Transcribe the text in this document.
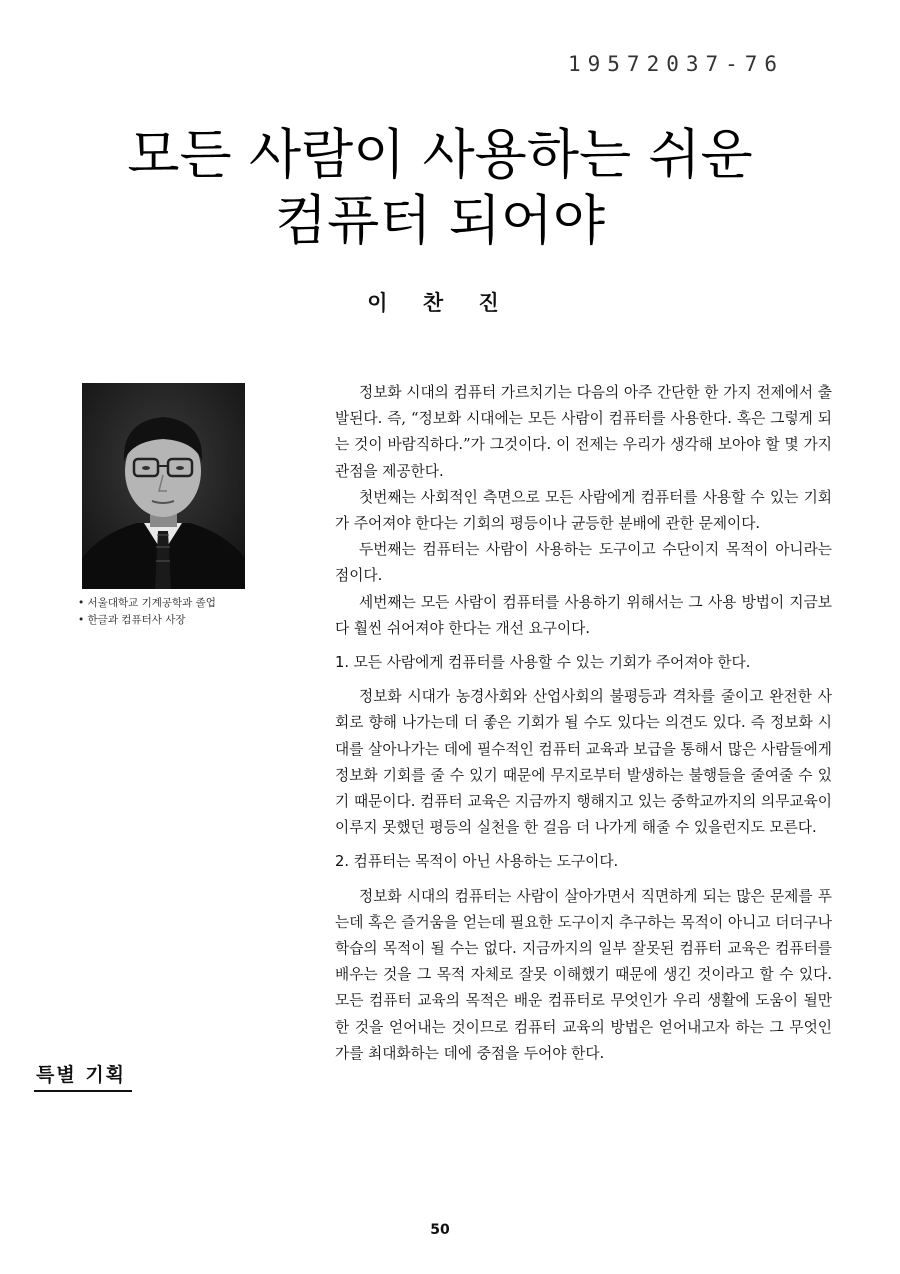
19572037-76
모든 사람이 사용하는 쉬운
컴퓨터 되어야
이 찬 진
• 서울대학교 기계공학과 졸업
• 한글과 컴퓨터사 사장
특별 기획

정보화 시대의 컴퓨터 가르치기는 다음의 아주 간단한 한 가지 전제에서 출발된다. 즉, “정보화 시대에는 모든 사람이 컴퓨터를 사용한다. 혹은 그렇게 되는 것이 바람직하다.”가 그것이다. 이 전제는 우리가 생각해 보아야 할 몇 가지 관점을 제공한다.

첫번째는 사회적인 측면으로 모든 사람에게 컴퓨터를 사용할 수 있는 기회가 주어져야 한다는 기회의 평등이나 균등한 분배에 관한 문제이다.

두번째는 컴퓨터는 사람이 사용하는 도구이고 수단이지 목적이 아니라는 점이다.

세번째는 모든 사람이 컴퓨터를 사용하기 위해서는 그 사용 방법이 지금보다 훨씬 쉬어져야 한다는 개선 요구이다.

1. 모든 사람에게 컴퓨터를 사용할 수 있는 기회가 주어져야 한다.

정보화 시대가 농경사회와 산업사회의 불평등과 격차를 줄이고 완전한 사회로 향해 나가는데 더 좋은 기회가 될 수도 있다는 의견도 있다. 즉 정보화 시대를 살아나가는 데에 필수적인 컴퓨터 교육과 보급을 통해서 많은 사람들에게 정보화 기회를 줄 수 있기 때문에 무지로부터 발생하는 불행들을 줄여줄 수 있기 때문이다. 컴퓨터 교육은 지금까지 행해지고 있는 중학교까지의 의무교육이 이루지 못했던 평등의 실천을 한 걸음 더 나가게 해줄 수 있을런지도 모른다.

2. 컴퓨터는 목적이 아닌 사용하는 도구이다.

정보화 시대의 컴퓨터는 사람이 살아가면서 직면하게 되는 많은 문제를 푸는데 혹은 즐거움을 얻는데 필요한 도구이지 추구하는 목적이 아니고 더더구나 학습의 목적이 될 수는 없다. 지금까지의 일부 잘못된 컴퓨터 교육은 컴퓨터를 배우는 것을 그 목적 자체로 잘못 이해했기 때문에 생긴 것이라고 할 수 있다. 모든 컴퓨터 교육의 목적은 배운 컴퓨터로 무엇인가 우리 생활에 도움이 될만한 것을 얻어내는 것이므로 컴퓨터 교육의 방법은 얻어내고자 하는 그 무엇인가를 최대화하는 데에 중점을 두어야 한다.

50
